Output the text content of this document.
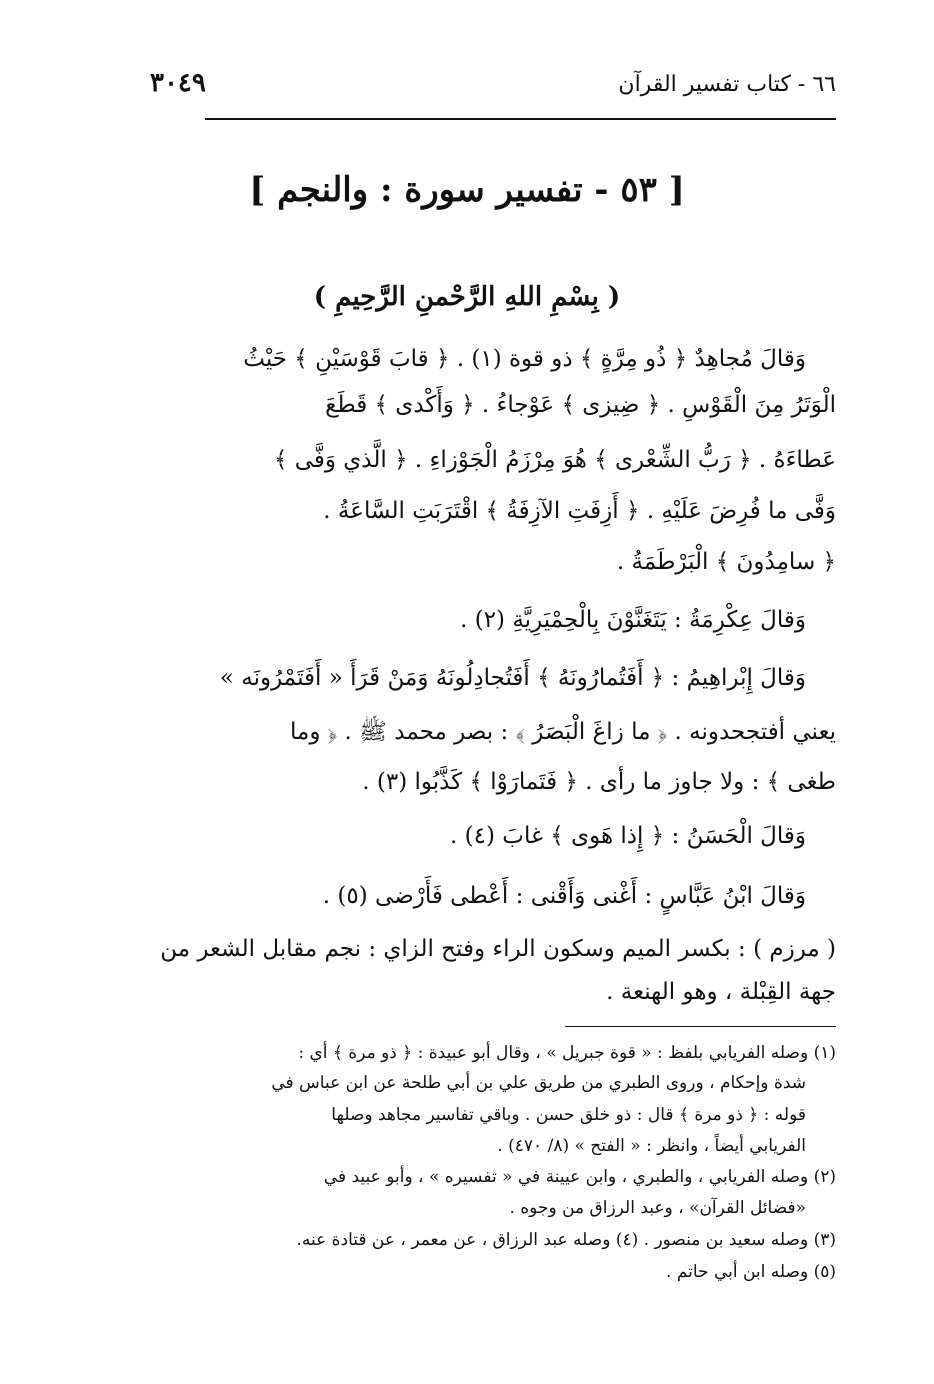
٣٠٤٩	٦٦ - كتاب تفسير القرآن
[ ٥٣ - تفسير سورة : والنجم ]
( بِسْمِ اللهِ الرَّحْمنِ الرَّحِيمِ )
وَقالَ مُجاهِدٌ ﴿ ذُو مِرَّةٍ ﴾ ذو قوة (١) . ﴿ قابَ قَوْسَيْنِ ﴾ حَيْثُ
الْوَتَرُ مِنَ الْقَوْسِ . ﴿ ضِيزى ﴾ عَوْجاءُ . ﴿ وَأَكْدى ﴾ قَطَعَ
عَطاءَهُ . ﴿ رَبُّ الشِّعْرى ﴾ هُوَ مِرْزَمُ الْجَوْزاءِ . ﴿ الَّذي وَفَّى ﴾
وَفَّى ما فُرِضَ عَلَيْهِ . ﴿ أَزِفَتِ الآزِفَةُ ﴾ اقْتَرَبَتِ السَّاعَةُ .
﴿ سامِدُونَ ﴾ الْبَرْطَمَةُ .
وَقالَ عِكْرِمَةُ : يَتَغَنَّوْنَ بِالْحِمْيَرِيَّةِ (٢) .
وَقالَ إِبْراهِيمُ : ﴿ أَفَتُمارُونَهُ ﴾ أَفَتُجادِلُونَهُ وَمَنْ قَرَأَ « أَفَتَمْرُونَه »
يعني أفتجحدونه . ﴿ ما زاغَ الْبَصَرُ ﴾ : بصر محمد ﷺ . ﴿ وما
طغى ﴾ : ولا جاوز ما رأى . ﴿ فَتَمارَوْا ﴾ كَذَّبُوا (٣) .
وَقالَ الْحَسَنُ : ﴿ إِذا هَوى ﴾ غابَ (٤) .
وَقالَ ابْنُ عَبَّاسٍ : أَغْنى وَأَقْنى : أَعْطى فَأَرْضى (٥) .
( مرزم ) : بكسر الميم وسكون الراء وفتح الزاي : نجم مقابل الشعر من
جهة القِبْلة ، وهو الهنعة .
(١) وصله الفريابي بلفظ : « قوة جبريل » ، وقال أبو عبيدة : ﴿ ذو مرة ﴾ أي :
شدة وإحكام ، وروى الطبري من طريق علي بن أبي طلحة عن ابن عباس في
قوله : ﴿ ذو مرة ﴾ قال : ذو خلق حسن . وباقي تفاسير مجاهد وصلها
الفريابي أيضاً ، وانظر : « الفتح » (٨/ ٤٧٠) .
(٢) وصله الفريابي ، والطبري ، وابن عيينة في « تفسيره » ، وأبو عبيد في
«فضائل القرآن» ، وعبد الرزاق من وجوه .
(٣) وصله سعيد بن منصور . (٤) وصله عبد الرزاق ، عن معمر ، عن قتادة عنه.
(٥) وصله ابن أبي حاتم .
